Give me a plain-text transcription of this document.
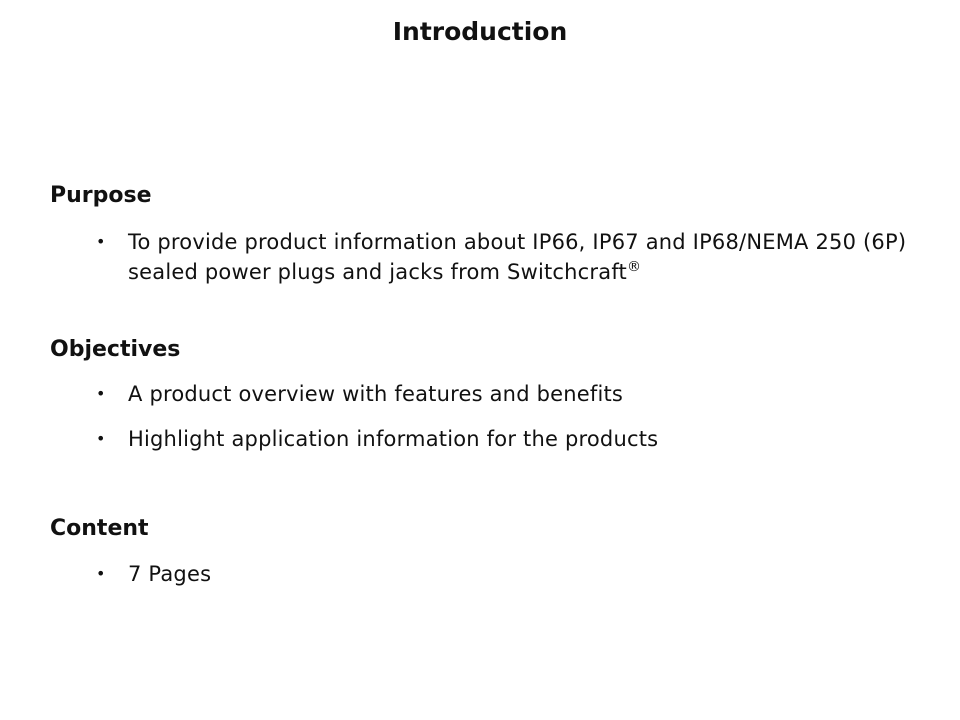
Introduction
Purpose
•	To provide product information about IP66, IP67 and IP68/NEMA 250 (6P) sealed power plugs and jacks from Switchcraft®
Objectives
•	A product overview with features and benefits
•	Highlight application information for the products
Content
•	7 Pages
